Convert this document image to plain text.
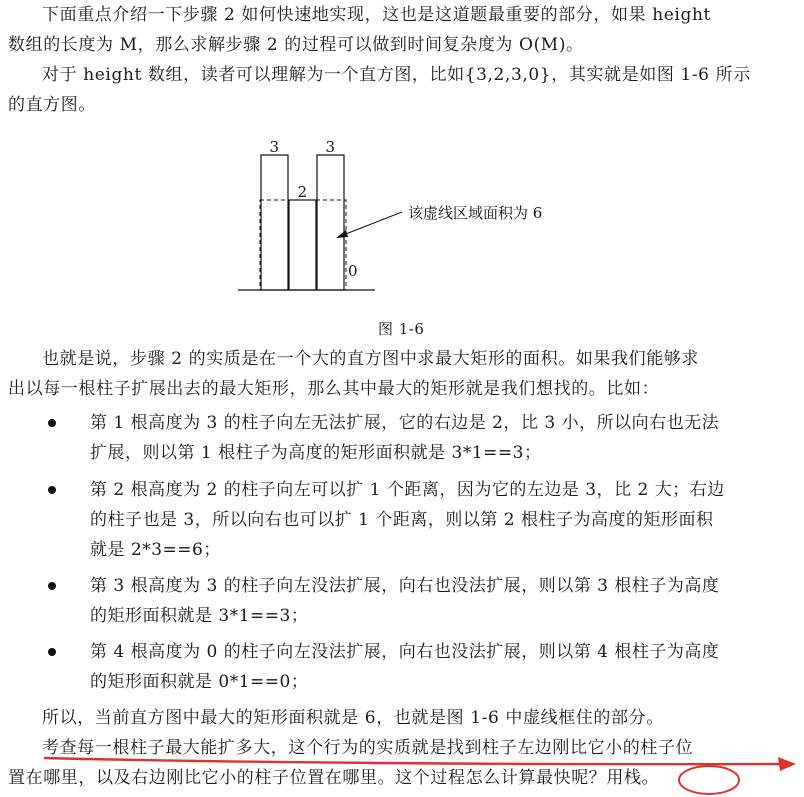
下面重点介绍一下步骤 2 如何快速地实现，这也是这道题最重要的部分，如果 height
数组的长度为 M，那么求解步骤 2 的过程可以做到时间复杂度为 O(M)。
对于 height 数组，读者可以理解为一个直方图，比如{3,2,3,0}，其实就是如图 1-6 所示
的直方图。
3
2
3
0
该虚线区域面积为 6
图 1-6
也就是说，步骤 2 的实质是在一个大的直方图中求最大矩形的面积。如果我们能够求
出以每一根柱子扩展出去的最大矩形，那么其中最大的矩形就是我们想找的。比如：
第 1 根高度为 3 的柱子向左无法扩展，它的右边是 2，比 3 小，所以向右也无法
扩展，则以第 1 根柱子为高度的矩形面积就是 3*1==3；
第 2 根高度为 2 的柱子向左可以扩 1 个距离，因为它的左边是 3，比 2 大；右边
的柱子也是 3，所以向右也可以扩 1 个距离，则以第 2 根柱子为高度的矩形面积
就是 2*3==6；
第 3 根高度为 3 的柱子向左没法扩展，向右也没法扩展，则以第 3 根柱子为高度
的矩形面积就是 3*1==3；
第 4 根高度为 0 的柱子向左没法扩展，向右也没法扩展，则以第 4 根柱子为高度
的矩形面积就是 0*1==0；
所以，当前直方图中最大的矩形面积就是 6，也就是图 1-6 中虚线框住的部分。
考查每一根柱子最大能扩多大，这个行为的实质就是找到柱子左边刚比它小的柱子位
置在哪里，以及右边刚比它小的柱子位置在哪里。这个过程怎么计算最快呢？用栈。
